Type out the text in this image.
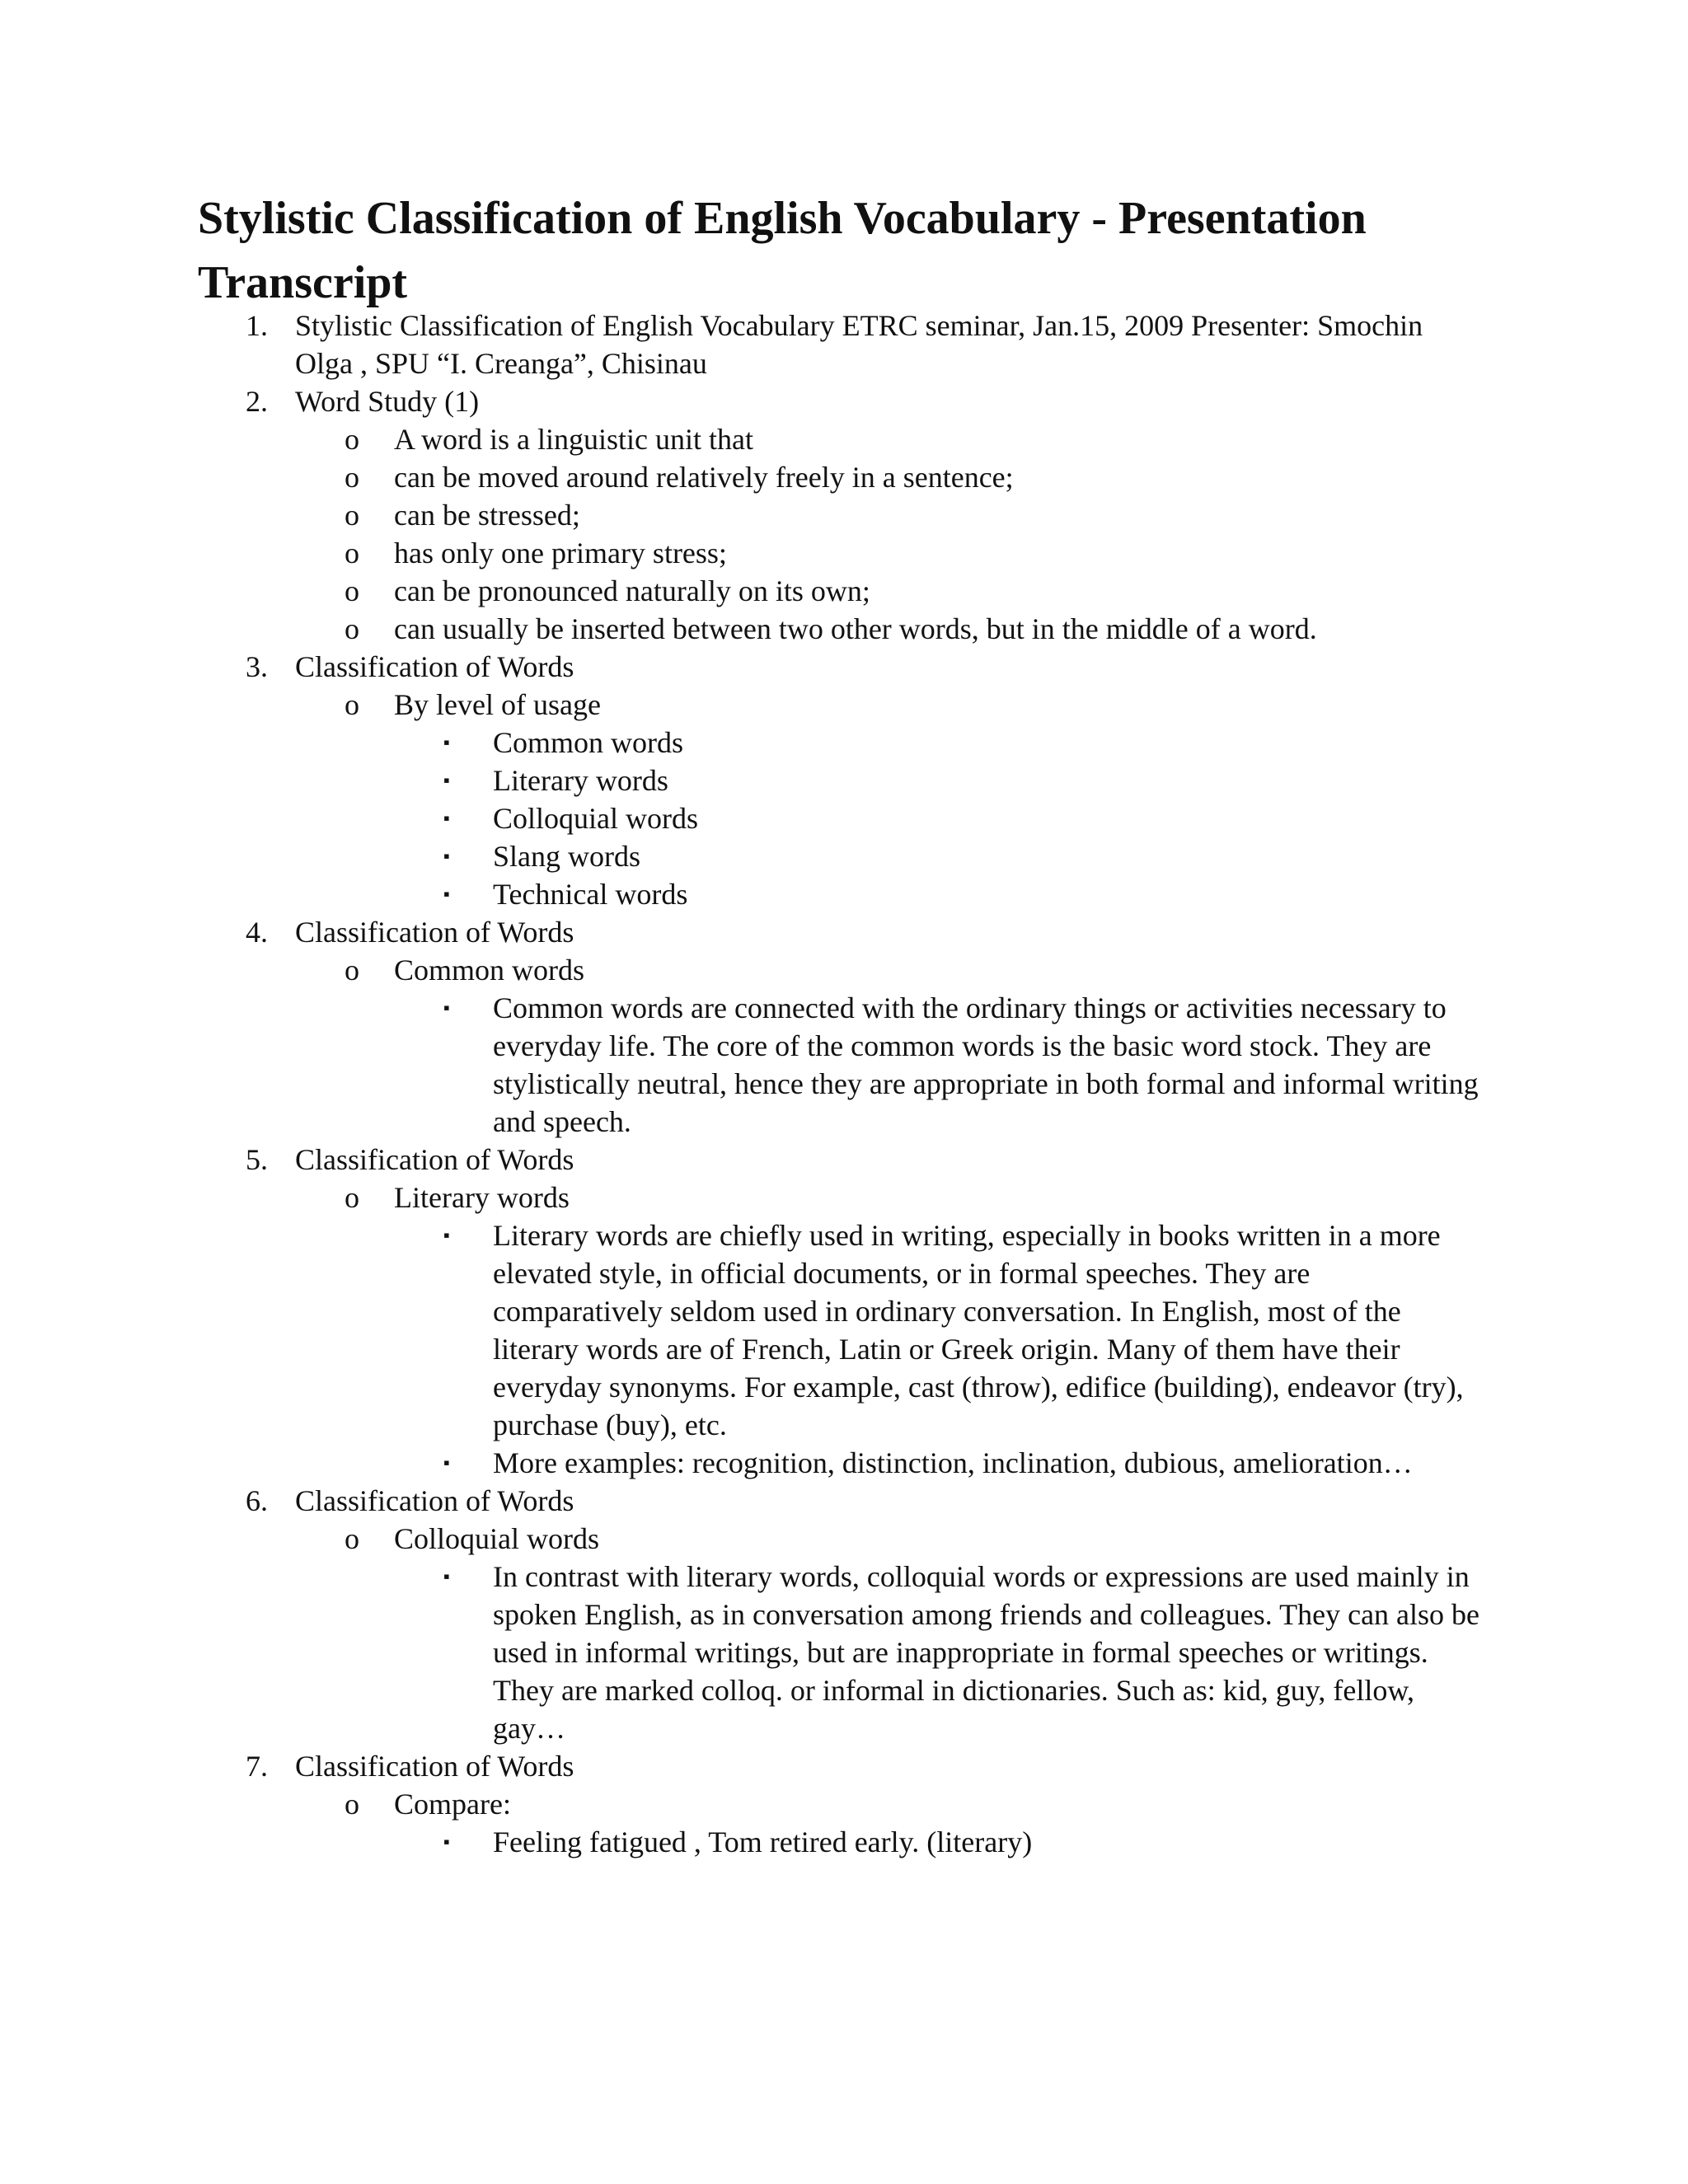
Stylistic Classification of English Vocabulary - Presentation Transcript
1. Stylistic Classification of English Vocabulary ETRC seminar, Jan.15, 2009 Presenter: Smochin Olga , SPU “I. Creanga”, Chisinau
2. Word Study (1)
o A word is a linguistic unit that
o can be moved around relatively freely in a sentence;
o can be stressed;
o has only one primary stress;
o can be pronounced naturally on its own;
o can usually be inserted between two other words, but in the middle of a word.
3. Classification of Words
o By level of usage
▪ Common words
▪ Literary words
▪ Colloquial words
▪ Slang words
▪ Technical words
4. Classification of Words
o Common words
▪ Common words are connected with the ordinary things or activities necessary to everyday life. The core of the common words is the basic word stock. They are stylistically neutral, hence they are appropriate in both formal and informal writing and speech.
5. Classification of Words
o Literary words
▪ Literary words are chiefly used in writing, especially in books written in a more elevated style, in official documents, or in formal speeches. They are comparatively seldom used in ordinary conversation. In English, most of the literary words are of French, Latin or Greek origin. Many of them have their everyday synonyms. For example, cast (throw), edifice (building), endeavor (try), purchase (buy), etc.
▪ More examples: recognition, distinction, inclination, dubious, amelioration…
6. Classification of Words
o Colloquial words
▪ In contrast with literary words, colloquial words or expressions are used mainly in spoken English, as in conversation among friends and colleagues. They can also be used in informal writings, but are inappropriate in formal speeches or writings. They are marked colloq. or informal in dictionaries. Such as: kid, guy, fellow, gay…
7. Classification of Words
o Compare:
▪ Feeling fatigued , Tom retired early. (literary)
